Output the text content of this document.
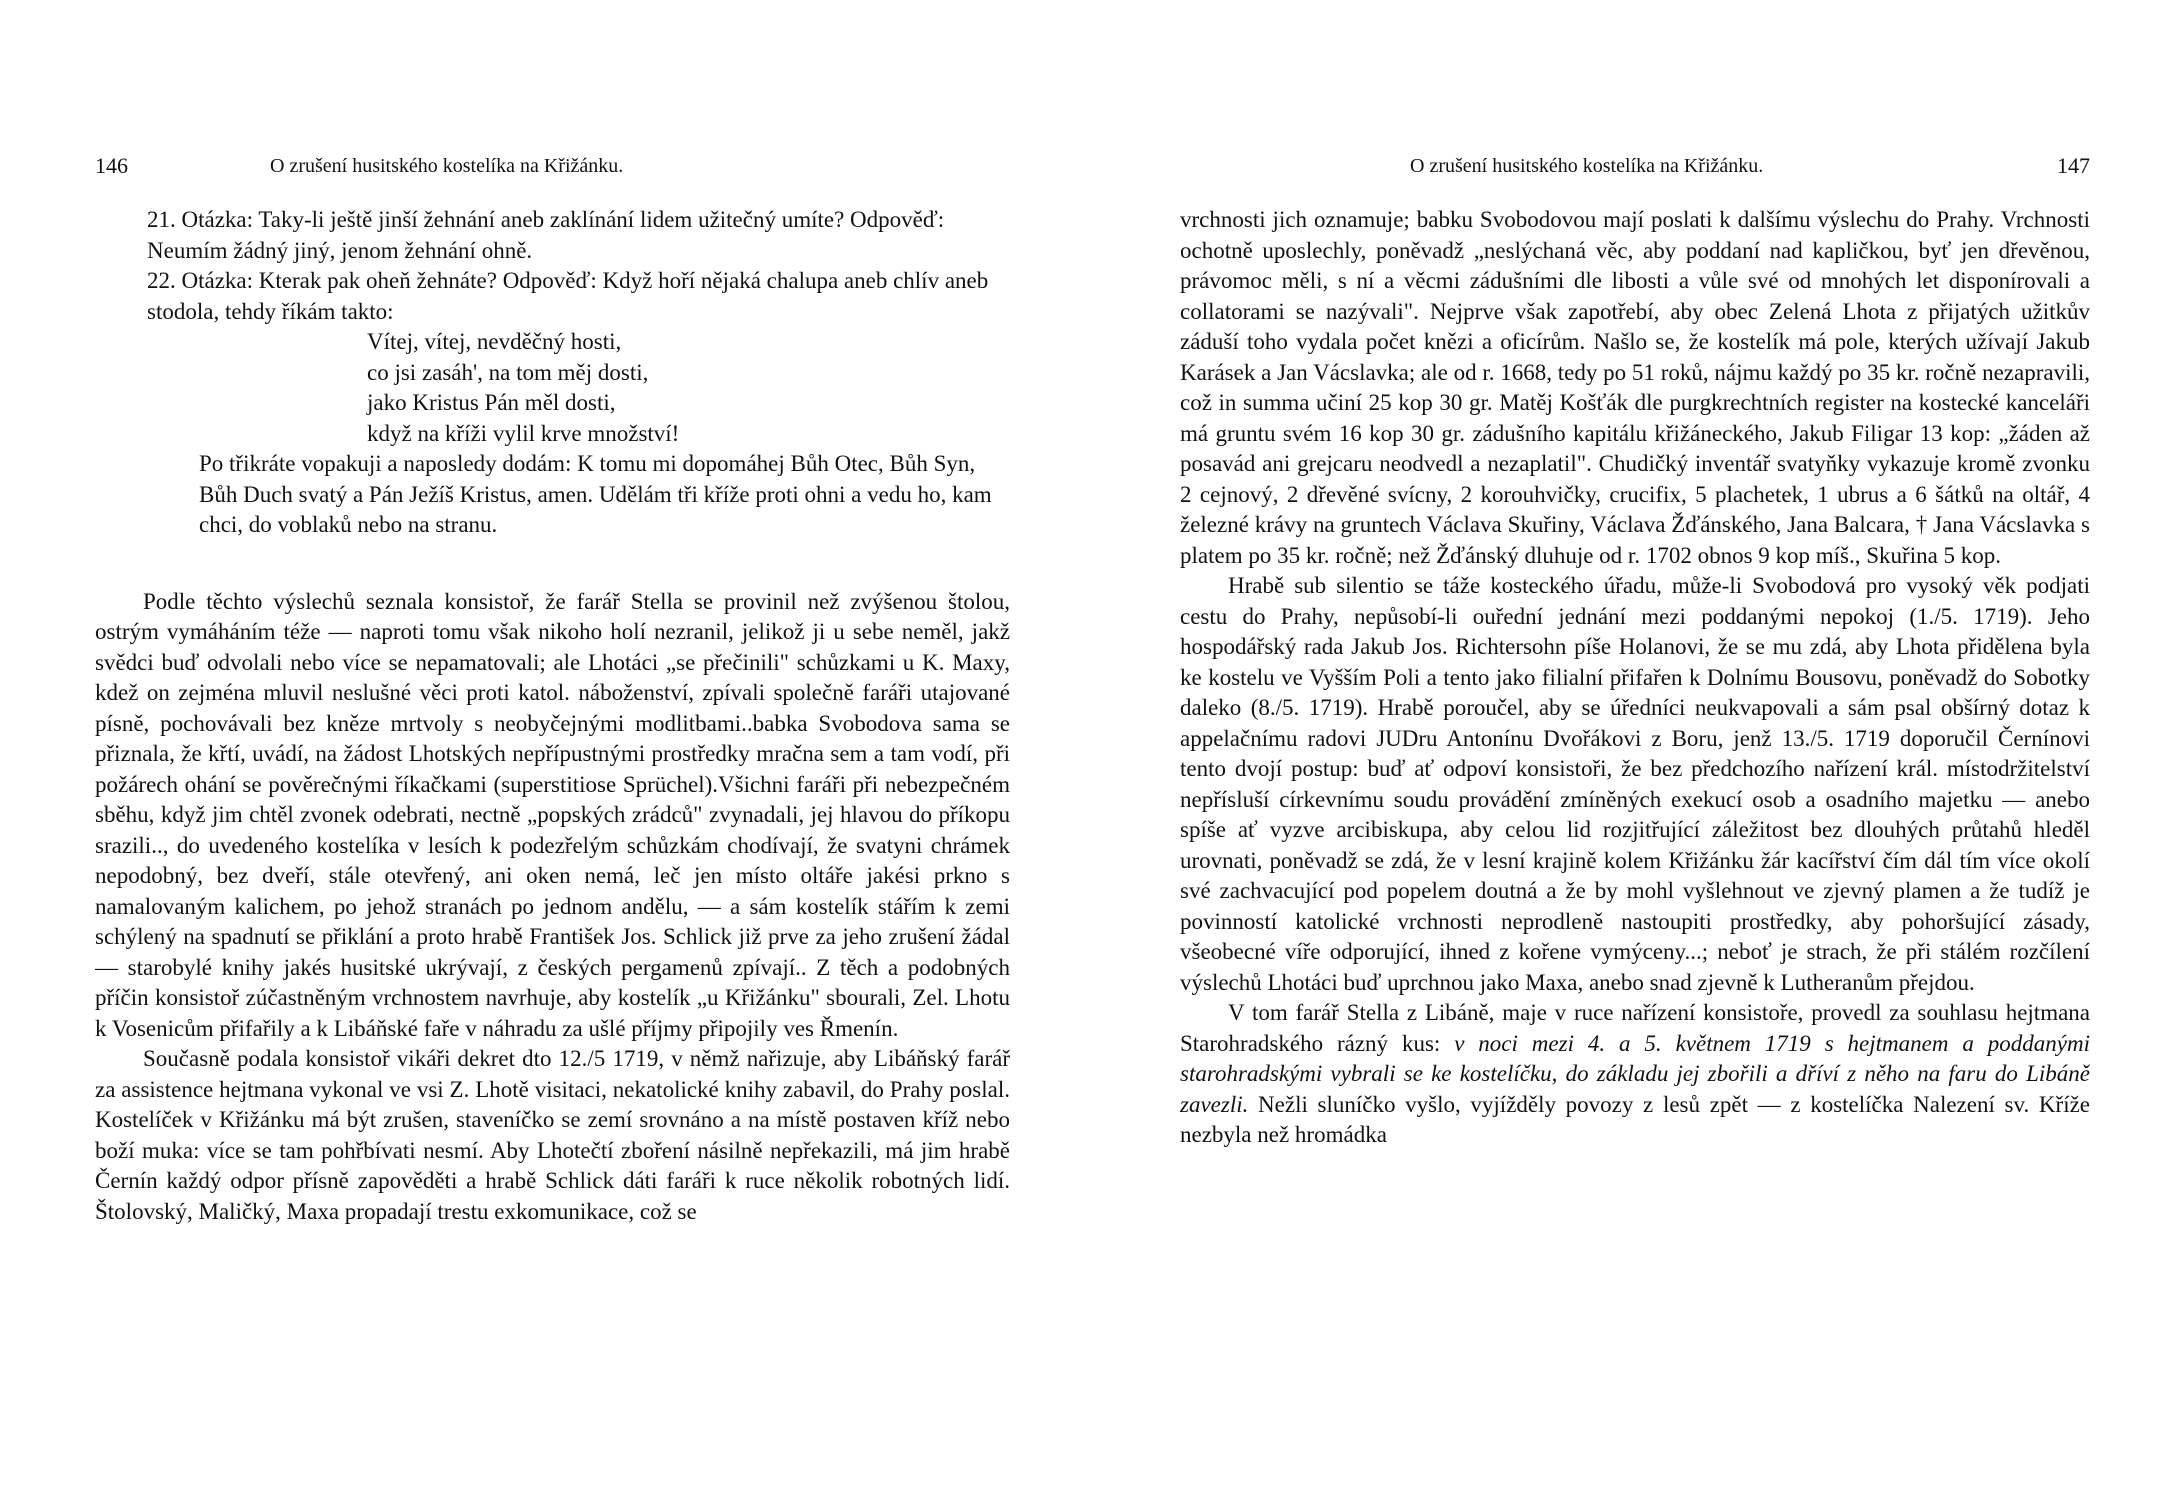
146	O zrušení husitského kostelíka na Křižánku.
21. Otázka: Taky-li ještě jinší žehnání aneb zaklínání lidem užitečný umíte? Odpověď: Neumím žádný jiný, jenom žehnání ohně.
22. Otázka: Kterak pak oheň žehnáte? Odpověď: Když hoří nějaká chalupa aneb chlív aneb stodola, tehdy říkám takto:
Vítej, vítej, nevděčný hosti,
co jsi zasáh', na tom měj dosti,
jako Kristus Pán měl dosti,
když na kříži vylil krve množství!
Po třikráte vopakuji a naposledy dodám: K tomu mi dopomáhej Bůh Otec, Bůh Syn, Bůh Duch svatý a Pán Ježíš Kristus, amen. Udělám tři kříže proti ohni a vedu ho, kam chci, do voblaků nebo na stranu.

Podle těchto výslechů seznala konsistoř, že farář Stella se provinil než zvýšenou štolou, ostrým vymáháním téže — naproti tomu však nikoho holí nezranil, jelikož ji u sebe neměl, jakž svědci buď odvolali nebo více se nepamatovali; ale Lhotáci „se přečinili" schůzkami u K. Maxy, kdež on zejména mluvil neslušné věci proti katol. náboženství, zpívali společně faráři utajované písně, pochovávali bez kněze mrtvoly s neobyčejnými modlitbami..babka Svobodova sama se přiznala, že křtí, uvádí, na žádost Lhotských nepřípustnými prostředky mračna sem a tam vodí, při požárech ohání se pověrečnými říkačkami (superstitiose Sprüchel).Všichni faráři při nebezpečném sběhu, když jim chtěl zvonek odebrati, nectně „popských zrádců" zvynadali, jej hlavou do příkopu srazili.., do uvedeného kostelíka v lesích k podezřelým schůzkám chodívají, že svatyni chrámek nepodobný, bez dveří, stále otevřený, ani oken nemá, leč jen místo oltáře jakési prkno s namalovaným kalichem, po jehož stranách po jednom andělu, — a sám kostelík stářím k zemi schýlený na spadnutí se přiklání a proto hrabě František Jos. Schlick již prve za jeho zrušení žádal — starobylé knihy jakés husitské ukrývají, z českých pergamenů zpívají.. Z těch a podobných příčin konsistoř zúčastněným vrchnostem navrhuje, aby kostelík „u Křižánku" sbourali, Zel. Lhotu k Vosenicům přifařily a k Libáňské faře v náhradu za ušlé příjmy připojily ves Řmenín.

Současně podala konsistoř vikáři dekret dto 12./5 1719, v němž nařizuje, aby Libáňský farář za assistence hejtmana vykonal ve vsi Z. Lhotě visitaci, nekatolické knihy zabavil, do Prahy poslal. Kostelíček v Křižánku má být zrušen, staveníčko se zemí srovnáno a na místě postaven kříž nebo boží muka: více se tam pohřbívati nesmí. Aby Lhotečtí zboření násilně nepřekazili, má jim hrabě Černín každý odpor přísně zapověděti a hrabě Schlick dáti faráři k ruce několik robotných lidí. Štolovský, Maličký, Maxa propadají trestu exkomunikace, což se

O zrušení husitského kostelíka na Křižánku.	147

vrchnosti jich oznamuje; babku Svobodovou mají poslati k dalšímu výslechu do Prahy. Vrchnosti ochotně uposlechly, poněvadž „neslýchaná věc, aby poddaní nad kapličkou, byť jen dřevěnou, právomoc měli, s ní a věcmi zádušními dle libosti a vůle své od mnohých let disponírovali a collatorami se nazývali". Nejprve však zapotřebí, aby obec Zelená Lhota z přijatých užitkův záduší toho vydala počet knězi a oficírům. Našlo se, že kostelík má pole, kterých užívají Jakub Karásek a Jan Vácslavka; ale od r. 1668, tedy po 51 roků, nájmu každý po 35 kr. ročně nezapravili, což in summa učiní 25 kop 30 gr. Matěj Košťák dle purgkrechtních register na kostecké kanceláři má gruntu svém 16 kop 30 gr. zádušního kapitálu křižáneckého, Jakub Filigar 13 kop: „žáden až posavád ani grejcaru neodvedl a nezaplatil". Chudičký inventář svatyňky vykazuje kromě zvonku 2 cejnový, 2 dřevěné svícny, 2 korouhvičky, crucifix, 5 plachetek, 1 ubrus a 6 šátků na oltář, 4 železné krávy na gruntech Václava Skuřiny, Václava Žďánského, Jana Balcara, † Jana Vácslavka s platem po 35 kr. ročně; než Žďánský dluhuje od r. 1702 obnos 9 kop míš., Skuřina 5 kop.

Hrabě sub silentio se táže kosteckého úřadu, může-li Svobodová pro vysoký věk podjati cestu do Prahy, nepůsobí-li ouřední jednání mezi poddanými nepokoj (1./5. 1719). Jeho hospodářský rada Jakub Jos. Richtersohn píše Holanovi, že se mu zdá, aby Lhota přidělena byla ke kostelu ve Vyšším Poli a tento jako filialní přifařen k Dolnímu Bousovu, poněvadž do Sobotky daleko (8./5. 1719). Hrabě poroučel, aby se úředníci neukvapovali a sám psal obšírný dotaz k appelačnímu radovi JUDru Antonínu Dvořákovi z Boru, jenž 13./5. 1719 doporučil Černínovi tento dvojí postup: buď ať odpoví konsistoři, že bez předchozího nařízení král. místodržitelství nepřísluší církevnímu soudu provádění zmíněných exekucí osob a osadního majetku — anebo spíše ať vyzve arcibiskupa, aby celou lid rozjitřující záležitost bez dlouhých průtahů hleděl urovnati, poněvadž se zdá, že v lesní krajině kolem Křižánku žár kacířství čím dál tím více okolí své zachvacující pod popelem doutná a že by mohl vyšlehnout ve zjevný plamen a že tudíž je povinností katolické vrchnosti neprodleně nastoupiti prostředky, aby pohoršující zásady, všeobecné víře odporující, ihned z kořene vymýceny...; neboť je strach, že při stálém rozčílení výslechů Lhotáci buď uprchnou jako Maxa, anebo snad zjevně k Lutheranům přejdou.

V tom farář Stella z Libáně, maje v ruce nařízení konsistoře, provedl za souhlasu hejtmana Starohradského rázný kus: v noci mezi 4. a 5. květnem 1719 s hejtmanem a poddanými starohradskými vybrali se ke kostelíčku, do základu jej zbořili a dříví z něho na faru do Libáně zavezli. Nežli sluníčko vyšlo, vyjížděly povozy z lesů zpět — z kostelíčka Nalezení sv. Kříže nezbyla než hromádka
